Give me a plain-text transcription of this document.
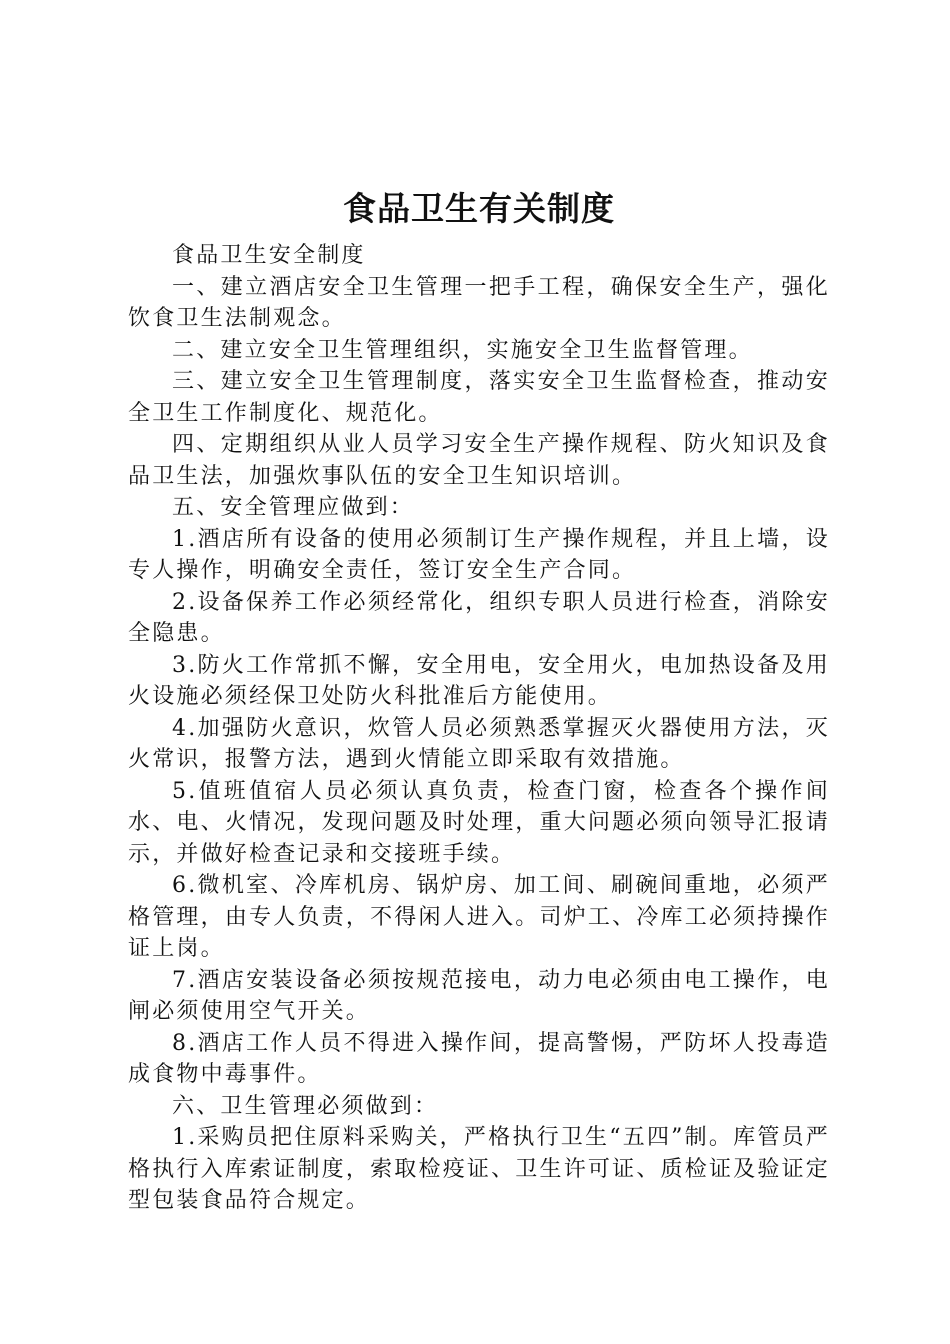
食品卫生有关制度

食品卫生安全制度

一、建立酒店安全卫生管理一把手工程，确保安全生产，强化饮食卫生法制观念。

二、建立安全卫生管理组织，实施安全卫生监督管理。

三、建立安全卫生管理制度，落实安全卫生监督检查，推动安全卫生工作制度化、规范化。

四、定期组织从业人员学习安全生产操作规程、防火知识及食品卫生法，加强炊事队伍的安全卫生知识培训。

五、安全管理应做到：

1.酒店所有设备的使用必须制订生产操作规程，并且上墙，设专人操作，明确安全责任，签订安全生产合同。

2.设备保养工作必须经常化，组织专职人员进行检查，消除安全隐患。

3.防火工作常抓不懈，安全用电，安全用火，电加热设备及用火设施必须经保卫处防火科批准后方能使用。

4.加强防火意识，炊管人员必须熟悉掌握灭火器使用方法，灭火常识，报警方法，遇到火情能立即采取有效措施。

5.值班值宿人员必须认真负责，检查门窗，检查各个操作间水、电、火情况，发现问题及时处理，重大问题必须向领导汇报请示，并做好检查记录和交接班手续。

6.微机室、冷库机房、锅炉房、加工间、刷碗间重地，必须严格管理，由专人负责，不得闲人进入。司炉工、冷库工必须持操作证上岗。

7.酒店安装设备必须按规范接电，动力电必须由电工操作，电闸必须使用空气开关。

8.酒店工作人员不得进入操作间，提高警惕，严防坏人投毒造成食物中毒事件。

六、卫生管理必须做到：

1.采购员把住原料采购关，严格执行卫生“五四”制。库管员严格执行入库索证制度，索取检疫证、卫生许可证、质检证及验证定型包装食品符合规定。
